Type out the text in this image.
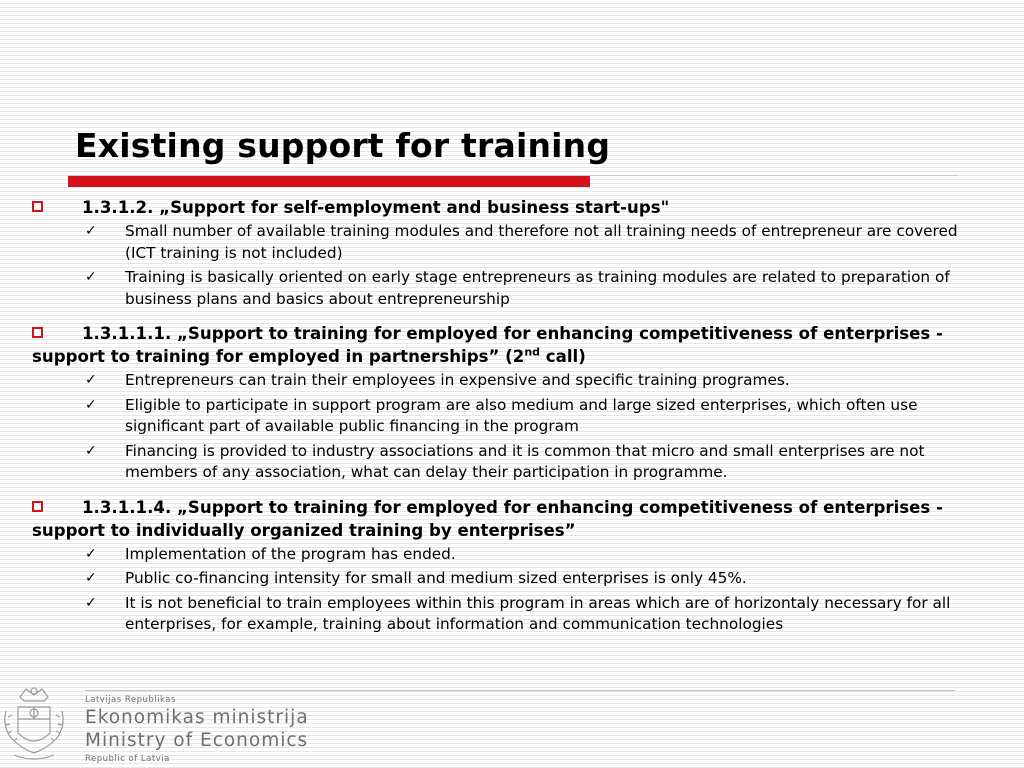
Existing support for training

1.3.1.2. „Support for self-employment and business start-ups"

✓ Small number of available training modules and therefore not all training needs of entrepreneur are covered (ICT training is not included)
✓ Training is basically oriented on early stage entrepreneurs as training modules are related to preparation of business plans and basics about entrepreneurship

1.3.1.1.1. „Support to training for employed for enhancing competitiveness of enterprises - support to training for employed in partnerships” (2nd call)

✓ Entrepreneurs can train their employees in expensive and specific training programes.
✓ Eligible to participate in support program are also medium and large sized enterprises, which often use significant part of available public financing in the program
✓ Financing is provided to industry associations and it is common that micro and small enterprises are not members of any association, what can delay their participation in programme.

1.3.1.1.4. „Support to training for employed for enhancing competitiveness of enterprises - support to individually organized training by enterprises”

✓ Implementation of the program has ended.
✓ Public co-financing intensity for small and medium sized enterprises is only 45%.
✓ It is not beneficial to train employees within this program in areas which are of horizontaly necessary for all enterprises, for example, training about information and communication technologies
Latvijas Republikas
Ekonomikas ministrija
Ministry of Economics
Republic of Latvia
